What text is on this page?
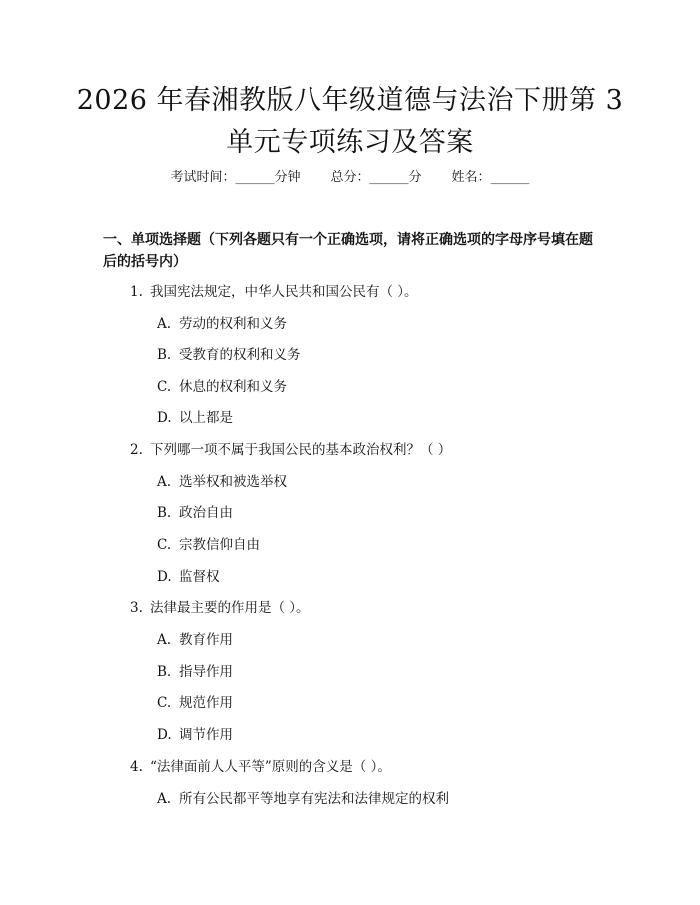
2026 年春湘教版八年级道德与法治下册第 3
单元专项练习及答案
考试时间：______分钟 总分：______分 姓名：______
一、单项选择题（下列各题只有一个正确选项，请将正确选项的字母序号填在题后的括号内）
1. 我国宪法规定，中华人民共和国公民有（ ）。
A. 劳动的权利和义务
B. 受教育的权利和义务
C. 休息的权利和义务
D. 以上都是
2. 下列哪一项不属于我国公民的基本政治权利？（ ）
A. 选举权和被选举权
B. 政治自由
C. 宗教信仰自由
D. 监督权
3. 法律最主要的作用是（ ）。
A. 教育作用
B. 指导作用
C. 规范作用
D. 调节作用
4. “法律面前人人平等”原则的含义是（ ）。
A. 所有公民都平等地享有宪法和法律规定的权利
